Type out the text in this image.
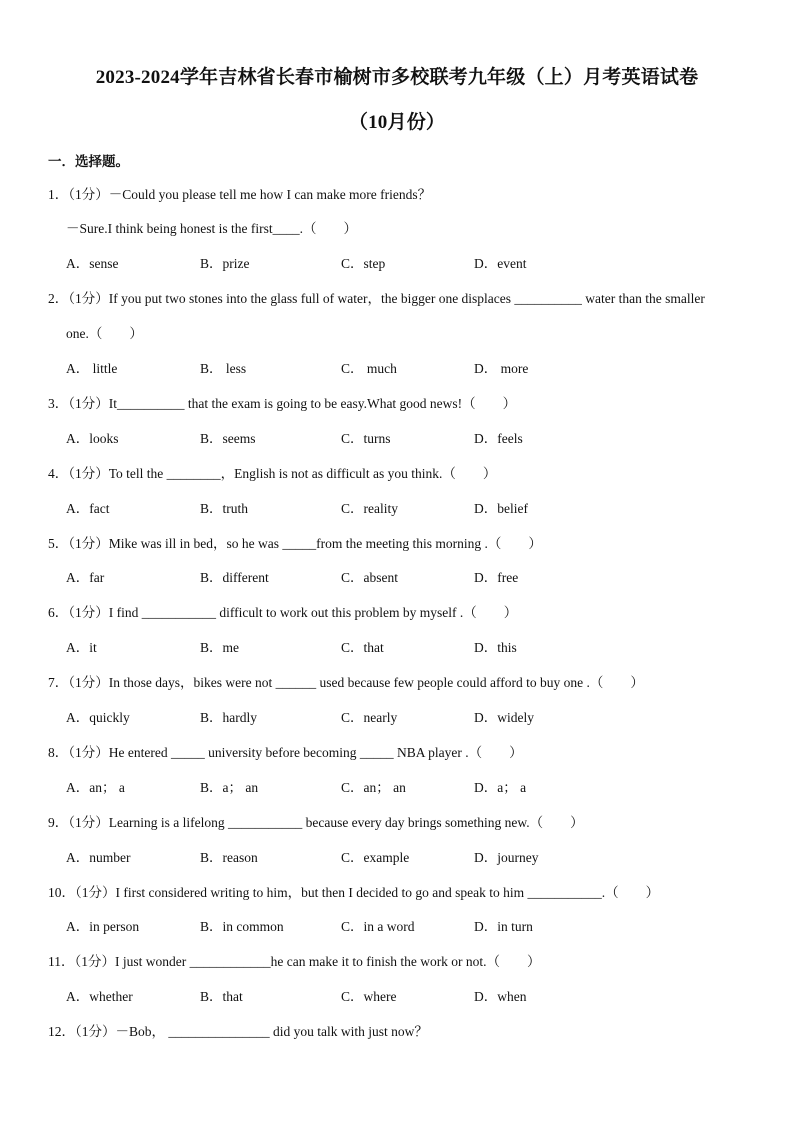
2023-2024学年吉林省长春市榆树市多校联考九年级（上）月考英语试卷
（10月份）
一．选择题。
1．（1分）－Could you please tell me how I can make more friends？
－Sure.I think being honest is the first____.（　　）
A．sense	B．prize	C．step	D．event
2．（1分）If you put two stones into the glass full of water，the bigger one displaces __________ water than the smaller
one.（　　）
A． little	B． less	C． much	D． more
3．（1分）It__________ that the exam is going to be easy.What good news!（　　）
A．looks	B．seems	C．turns	D．feels
4．（1分）To tell the ________，English is not as difficult as you think.（　　）
A．fact	B．truth	C．reality	D．belief
5．（1分）Mike was ill in bed，so he was _____from the meeting this morning .（　　）
A．far	B．different	C．absent	D．free
6．（1分）I find ___________ difficult to work out this problem by myself .（　　）
A．it	B．me	C．that	D．this
7．（1分）In those days，bikes were not ______ used because few people could afford to buy one .（　　）
A．quickly	B．hardly	C．nearly	D．widely
8．（1分）He entered _____ university before becoming _____ NBA player .（　　）
A．an； a	B．a； an	C．an； an	D．a； a
9．（1分）Learning is a lifelong ___________ because every day brings something new.（　　）
A．number	B．reason	C．example	D．journey
10．（1分）I first considered writing to him，but then I decided to go and speak to him ___________.（　　）
A．in person	B．in common	C．in a word	D．in turn
11．（1分）I just wonder ____________he can make it to finish the work or not.（　　）
A．whether	B．that	C．where	D．when
12．（1分）－Bob， _______________ did you talk with just now？
